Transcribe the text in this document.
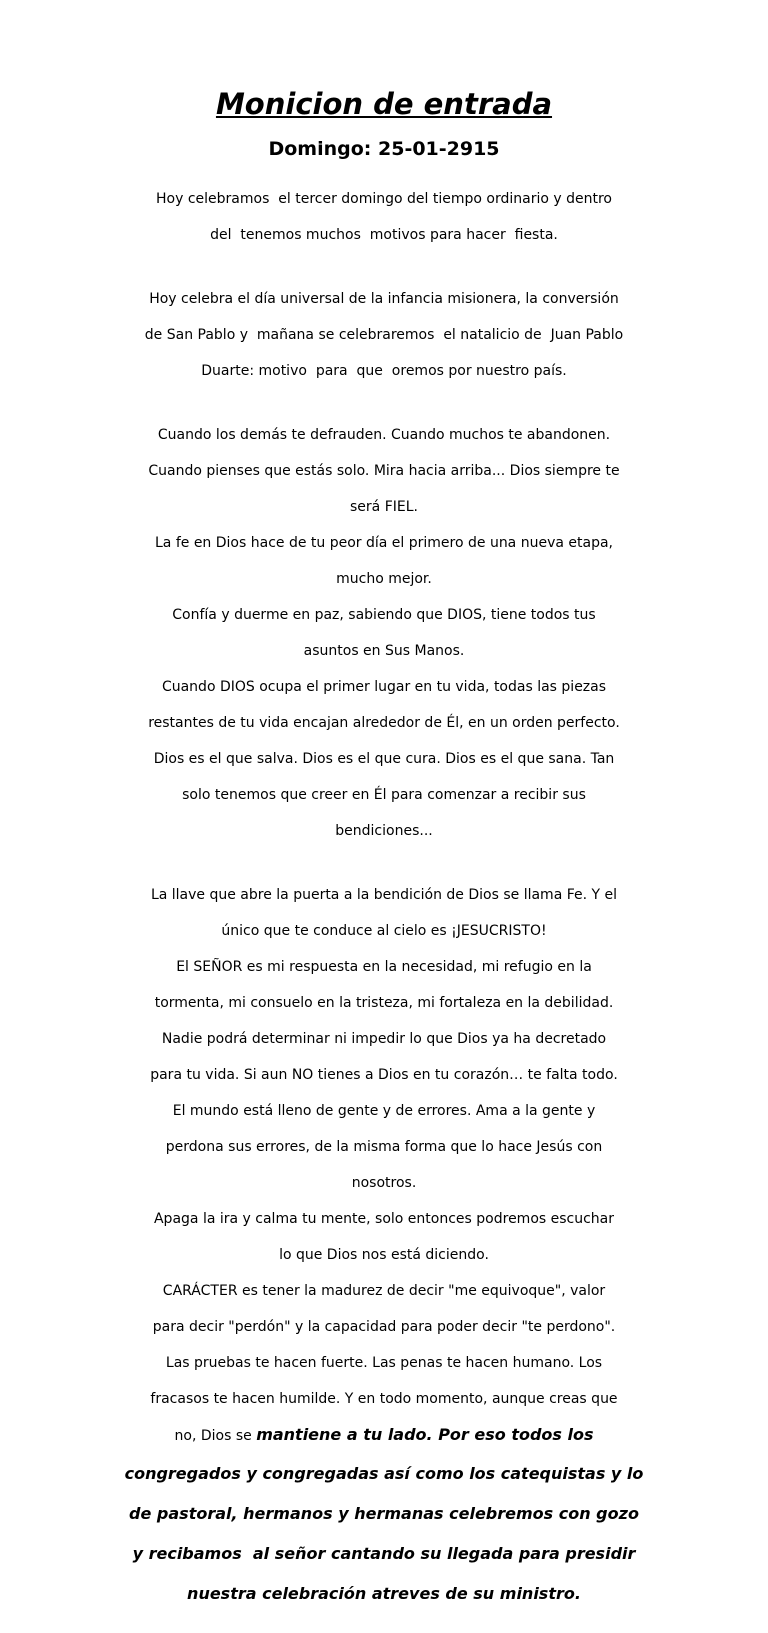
Monicion de entrada
Domingo: 25-01-2915

Hoy celebramos  el tercer domingo del tiempo ordinario y dentro

del  tenemos muchos  motivos para hacer  fiesta.

Hoy celebra el día universal de la infancia misionera, la conversión

de San Pablo y  mañana se celebrar​emos  el natalicio de  Juan Pablo

Duarte: motivo  para  que  oremos por nuestro país.

Cuando los demás te defrauden. Cuando muchos te abandonen.

Cuando pienses que estás solo. Mira hacia arriba... Dios siempre te

será FIEL.

La fe en Dios hace de tu peor día el primero de una nueva etapa,

mucho mejor.

Confía y duerme en paz, sabiendo que DIOS, tiene todos tus

asuntos en Sus Manos.

Cuando DIOS ocupa el primer lugar en tu vida, todas las piezas

restantes de tu vida encajan alrededor de Él, en un orden perfecto.

Dios es el que salva. Dios es el que cura. Dios es el que sana. Tan

solo tenemos que creer en Él para comenzar a recibir sus

bendiciones...

La llave que abre la puerta a la bendición de Dios se llama Fe. Y el

único que te conduce al cielo es ¡JESUCRISTO!

El SEÑOR es mi respuesta en la necesidad, mi refugio en la

tormenta, mi consuelo en la tristeza, mi fortaleza en la debilidad.

Nadie podrá determinar ni impedir lo que Dios ya ha decretado

para tu vida. Si aun NO tienes a Dios en tu corazón… te falta todo.

El mundo está lleno de gente y de errores. Ama a la gente y

perdona sus errores, de la misma forma que lo hace Jesús con

nosotros.

Apaga la ira y calma tu mente, solo entonces podremos escuchar

lo que Dios nos está diciendo.

CARÁCTER es tener la madurez de decir "me equivoque", valor

para decir "perdón" y la capacidad para poder decir "te perdono".

Las pruebas te hacen fuerte. Las penas te hacen humano. Los

fracasos te hacen humilde. Y en todo momento, aunque creas que

no, Dios se mantiene a tu lado. Por eso todos los

congregados y congregadas así como los catequistas y lo

de pastoral, hermanos y hermanas celebremos con gozo

y recibamos  al señor cantando su llegada para presidir

nuestra celebración atreves de su ministro.
